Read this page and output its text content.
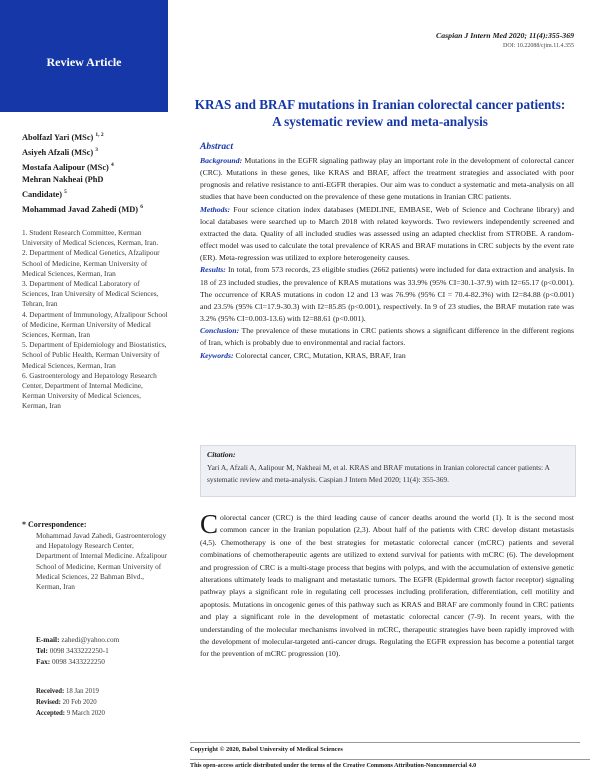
Review Article
Abolfazl Yari (MSc) $^{1, 2}$
Asiyeh Afzali (MSc) $^3$
Mostafa Aalipour (MSc) $^4$
Mehran Nakheai (PhD
Candidate) $^5$
Mohammad Javad Zahedi (MD) $^6$
1. Student Research Committee, Kerman University of Medical Sciences, Kerman, Iran.
2. Department of Medical Genetics, Afzalipour School of Medicine, Kerman University of Medical Sciences, Kerman, Iran
3. Department of Medical Laboratory of Sciences, Iran University of Medical Sciences, Tehran, Iran
4. Department of Immunology, Afzalipour School of Medicine, Kerman University of Medical Sciences, Kerman, Iran
5. Department of Epidemiology and Biostatistics, School of Public Health, Kerman University of Medical Sciences, Kerman, Iran
6. Gastroenterology and Hepatology Research Center, Department of Internal Medicine, Kerman University of Medical Sciences, Kerman, Iran
* Correspondence:
Mohammad Javad Zahedi, Gastroenterology and Hepatology Research Center, Department of Internal Medicine. Afzalipour School of Medicine, Kerman University of Medical Sciences, 22 Bahman Blvd., Kerman, Iran
E-mail: zahedi@yahoo.com
Tel: 0098 3433222250-1
Fax: 0098 3433222250
Received: 18 Jan 2019
Revised: 20 Feb 2020
Accepted: 9 March 2020
Caspian J Intern Med 2020; 11(4):355-369
DOI: 10.22088/cjim.11.4.355
KRAS and BRAF mutations in Iranian colorectal cancer patients: A systematic review and meta-analysis
Abstract
Background: Mutations in the EGFR signaling pathway play an important role in the development of colorectal cancer (CRC). Mutations in these genes, like KRAS and BRAF, affect the treatment strategies and associated with poor prognosis and relative resistance to anti-EGFR therapies. Our aim was to conduct a systematic and meta-analysis on all studies that have been conducted on the prevalence of these gene mutations in Iranian CRC patients.
Methods: Four science citation index databases (MEDLINE, EMBASE, Web of Science and Cochrane library) and local databases were searched up to March 2018 with related keywords. Two reviewers independently screened and extracted the data. Quality of all included studies was assessed using an adapted checklist from STROBE. A random-effect model was used to calculate the total prevalence of KRAS and BRAF mutations in CRC subjects by the event rate (ER). Meta-regression was utilized to explore heterogeneity causes.
Results: In total, from 573 records, 23 eligible studies (2662 patients) were included for data extraction and analysis. In 18 of 23 included studies, the prevalence of KRAS mutations was 33.9% (95% CI=30.1-37.9) with I2=65.17 (p<0.001). The occurrence of KRAS mutations in codon 12 and 13 was 76.9% (95% CI = 70.4-82.3%) with I2=84.88 (p<0.001) and 23.5% (95% CI=17.9-30.3) with I2=85.85 (p<0.001), respectively. In 9 of 23 studies, the BRAF mutation rate was 3.2% (95% CI=0.003-13.6) with I2=88.61 (p<0.001).
Conclusion: The prevalence of these mutations in CRC patients shows a significant difference in the different regions of Iran, which is probably due to environmental and racial factors.
Keywords: Colorectal cancer, CRC, Mutation, KRAS, BRAF, Iran
Citation:
Yari A, Afzali A, Aalipour M, Nakheai M, et al. KRAS and BRAF mutations in Iranian colorectal cancer patients: A systematic review and meta-analysis. Caspian J Intern Med 2020; 11(4): 355-369.
Colorectal cancer (CRC) is the third leading cause of cancer deaths around the world (1). It is the second most common cancer in the Iranian population (2,3). About half of the patients with CRC develop distant metastasis (4,5). Chemotherapy is one of the best strategies for metastatic colorectal cancer (mCRC) patients and several combinations of chemotherapeutic agents are utilized to extend survival for patients with mCRC (6). The development and progression of CRC is a multi-stage process that begins with polyps, and with the accumulation of extensive genetic alterations ultimately leads to malignant and metastatic tumors. The EGFR (Epidermal growth factor receptor) signaling pathway plays a significant role in regulating cell processes including proliferation, differentiation, cell motility and apoptosis. Mutations in oncogenic genes of this pathway such as KRAS and BRAF are commonly found in CRC patients and play a significant role in the development of metastatic colorectal cancer (7-9). In recent years, with the understanding of the molecular mechanisms involved in mCRC, therapeutic strategies have been rapidly improved with the development of molecular-targeted anti-cancer drugs. Regulating the EGFR expression has become a potential target for the prevention of mCRC progression (10).
Copyright © 2020, Babol University of Medical Sciences
This open-access article distributed under the terms of the Creative Commons Attribution-Noncommercial 4.0
